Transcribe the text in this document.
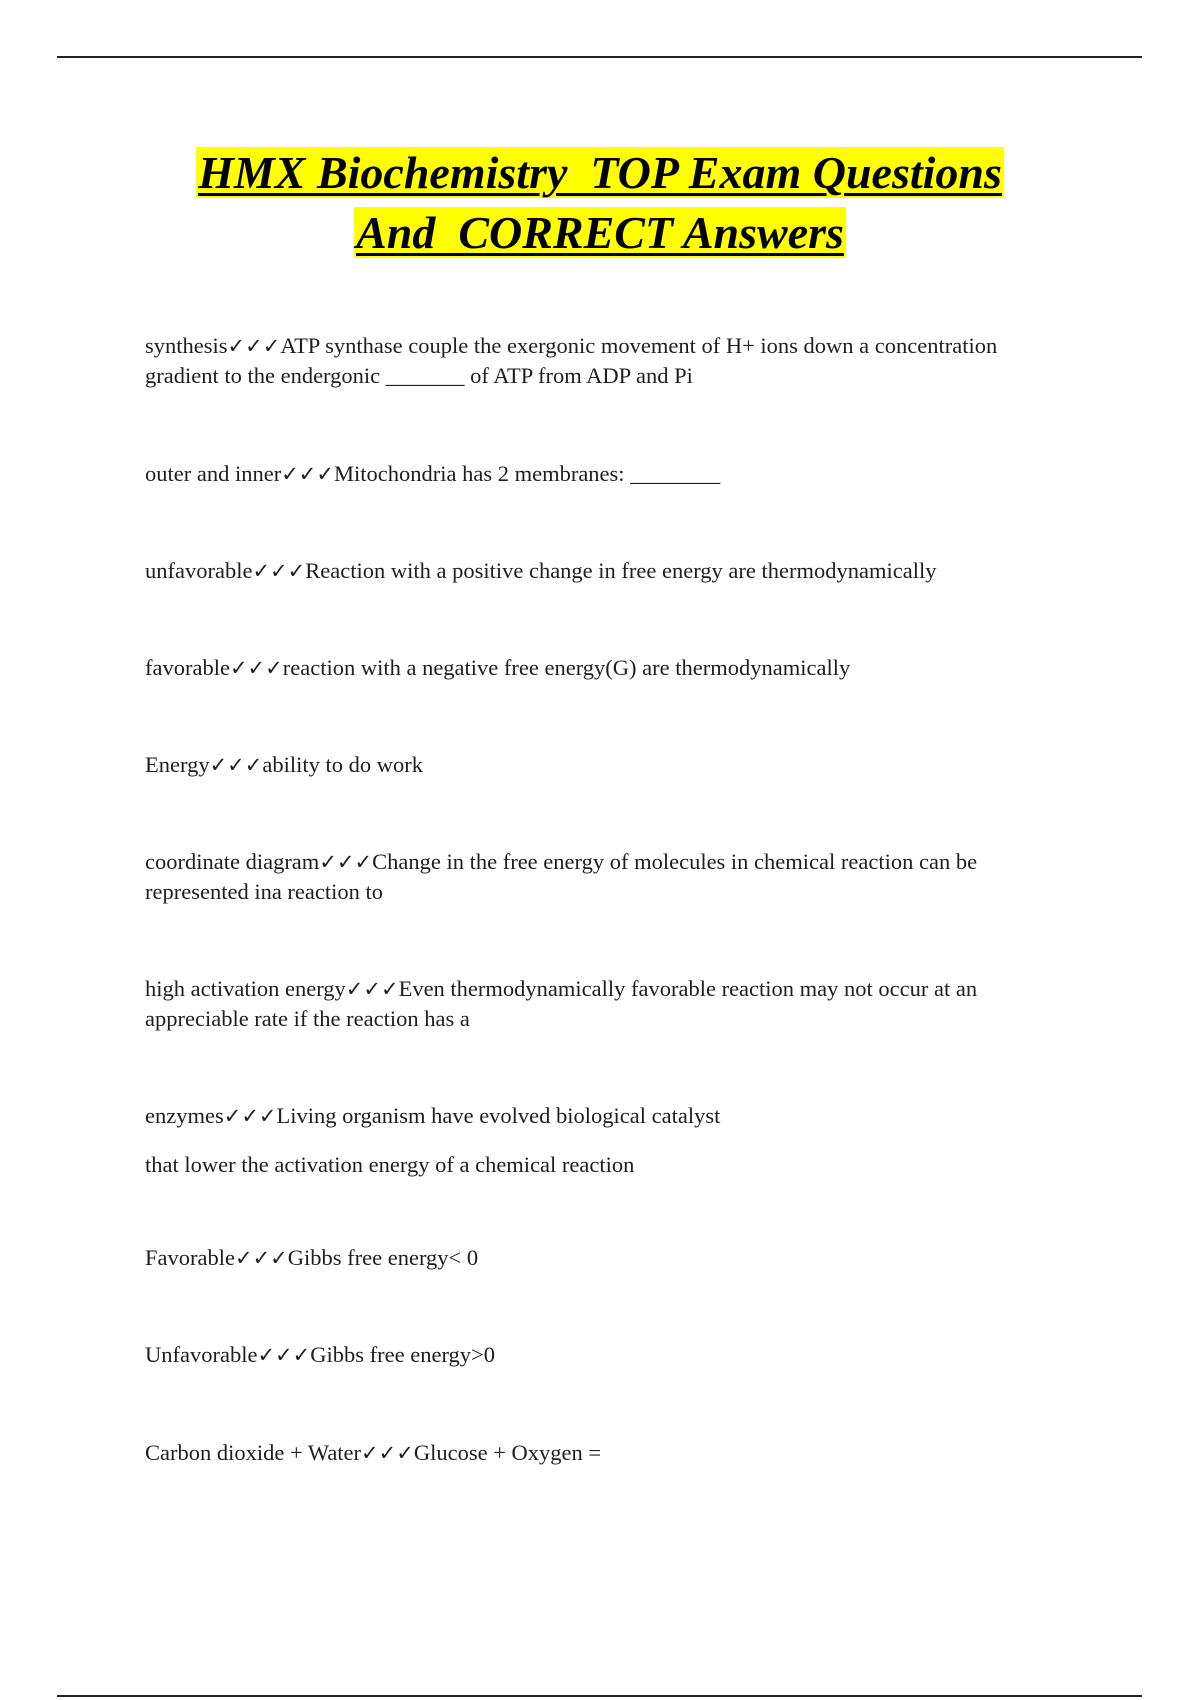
HMX Biochemistry  TOP Exam Questions
And  CORRECT Answers
synthesis✓✓✓ATP synthase couple the exergonic movement of H+ ions down a concentration gradient to the endergonic _______ of ATP from ADP and Pi
outer and inner✓✓✓Mitochondria has 2 membranes: ________
unfavorable✓✓✓Reaction with a positive change in free energy are thermodynamically
favorable✓✓✓reaction with a negative free energy(G) are thermodynamically
Energy✓✓✓ability to do work
coordinate diagram✓✓✓Change in the free energy of molecules in chemical reaction can be represented ina reaction to
high activation energy✓✓✓Even thermodynamically favorable reaction may not occur at an appreciable rate if the reaction has a
enzymes✓✓✓Living organism have evolved biological catalyst
that lower the activation energy of a chemical reaction
Favorable✓✓✓Gibbs free energy< 0
Unfavorable✓✓✓Gibbs free energy>0
Carbon dioxide + Water✓✓✓Glucose + Oxygen =
